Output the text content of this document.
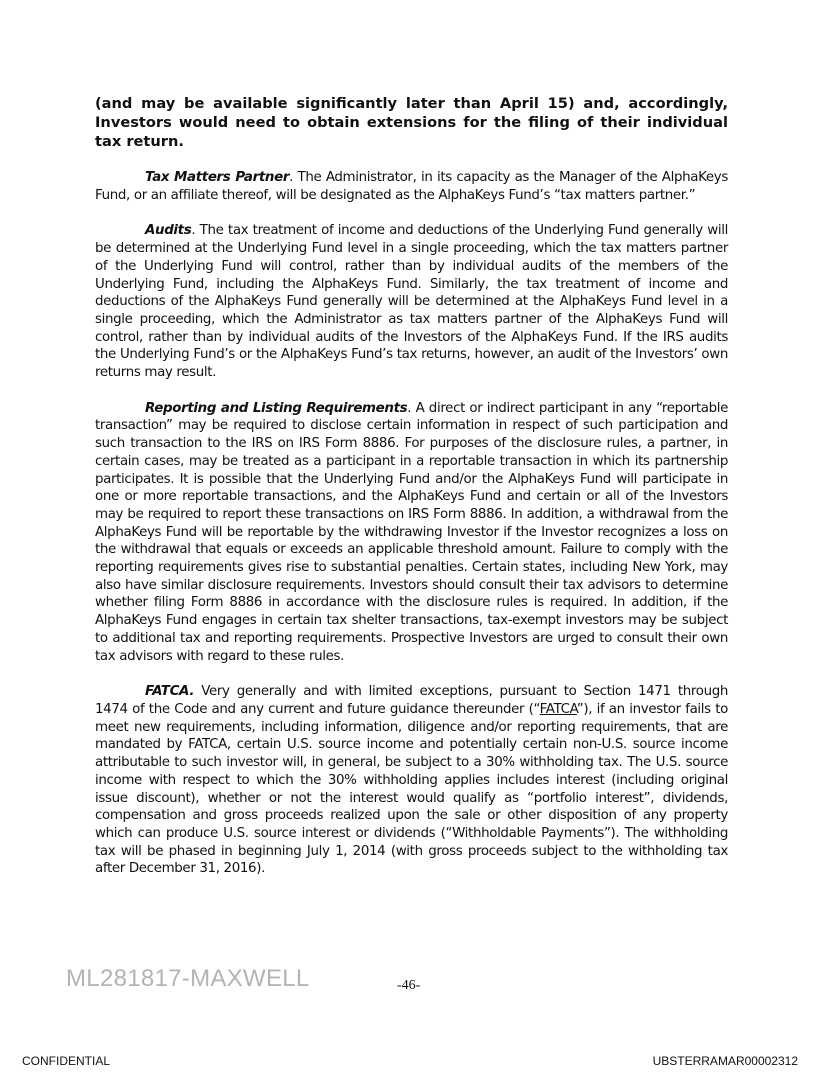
(and may be available significantly later than April 15) and, accordingly, Investors would need to obtain extensions for the filing of their individual tax return.

Tax Matters Partner. The Administrator, in its capacity as the Manager of the AlphaKeys Fund, or an affiliate thereof, will be designated as the AlphaKeys Fund’s “tax matters partner.”

Audits. The tax treatment of income and deductions of the Underlying Fund generally will be determined at the Underlying Fund level in a single proceeding, which the tax matters partner of the Underlying Fund will control, rather than by individual audits of the members of the Underlying Fund, including the AlphaKeys Fund. Similarly, the tax treatment of income and deductions of the AlphaKeys Fund generally will be determined at the AlphaKeys Fund level in a single proceeding, which the Administrator as tax matters partner of the AlphaKeys Fund will control, rather than by individual audits of the Investors of the AlphaKeys Fund. If the IRS audits the Underlying Fund’s or the AlphaKeys Fund’s tax returns, however, an audit of the Investors’ own returns may result.

Reporting and Listing Requirements. A direct or indirect participant in any “reportable transaction” may be required to disclose certain information in respect of such participation and such transaction to the IRS on IRS Form 8886. For purposes of the disclosure rules, a partner, in certain cases, may be treated as a participant in a reportable transaction in which its partnership participates. It is possible that the Underlying Fund and/or the AlphaKeys Fund will participate in one or more reportable transactions, and the AlphaKeys Fund and certain or all of the Investors may be required to report these transactions on IRS Form 8886. In addition, a withdrawal from the AlphaKeys Fund will be reportable by the withdrawing Investor if the Investor recognizes a loss on the withdrawal that equals or exceeds an applicable threshold amount. Failure to comply with the reporting requirements gives rise to substantial penalties. Certain states, including New York, may also have similar disclosure requirements. Investors should consult their tax advisors to determine whether filing Form 8886 in accordance with the disclosure rules is required. In addition, if the AlphaKeys Fund engages in certain tax shelter transactions, tax-exempt investors may be subject to additional tax and reporting requirements. Prospective Investors are urged to consult their own tax advisors with regard to these rules.

FATCA. Very generally and with limited exceptions, pursuant to Section 1471 through 1474 of the Code and any current and future guidance thereunder (“FATCA”), if an investor fails to meet new requirements, including information, diligence and/or reporting requirements, that are mandated by FATCA, certain U.S. source income and potentially certain non-U.S. source income attributable to such investor will, in general, be subject to a 30% withholding tax. The U.S. source income with respect to which the 30% withholding applies includes interest (including original issue discount), whether or not the interest would qualify as “portfolio interest”, dividends, compensation and gross proceeds realized upon the sale or other disposition of any property which can produce U.S. source interest or dividends (“Withholdable Payments”). The withholding tax will be phased in beginning July 1, 2014 (with gross proceeds subject to the withholding tax after December 31, 2016).

ML281817-MAXWELL	-46-
CONFIDENTIAL	UBSTERRAMAR00002312
